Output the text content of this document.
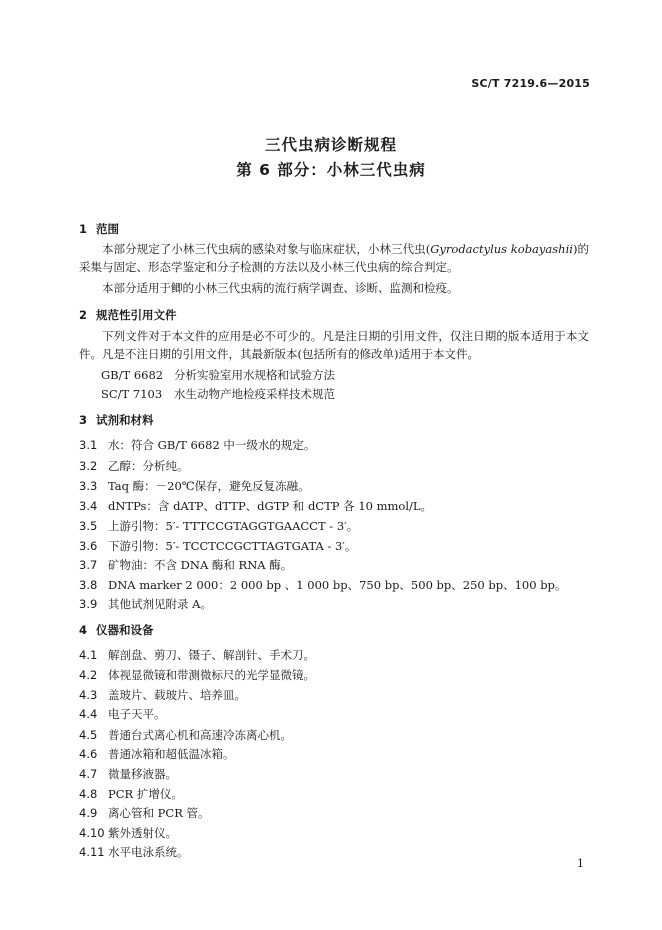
SC/T 7219.6—2015
三代虫病诊断规程
第 6 部分：小林三代虫病
1 范围
本部分规定了小林三代虫病的感染对象与临床症状，小林三代虫(Gyrodactylus kobayashii)的采集与固定、形态学鉴定和分子检测的方法以及小林三代虫病的综合判定。
本部分适用于鲫的小林三代虫病的流行病学调查、诊断、监测和检疫。
2 规范性引用文件
下列文件对于本文件的应用是必不可少的。凡是注日期的引用文件，仅注日期的版本适用于本文件。凡是不注日期的引用文件，其最新版本(包括所有的修改单)适用于本文件。
GB/T 6682 分析实验室用水规格和试验方法
SC/T 7103 水生动物产地检疫采样技术规范
3 试剂和材料
3.1 水：符合 GB/T 6682 中一级水的规定。
3.2 乙醇：分析纯。
3.3 Taq 酶：－20℃保存，避免反复冻融。
3.4 dNTPs：含 dATP、dTTP、dGTP 和 dCTP 各 10 mmol/L。
3.5 上游引物：5′- TTTCCGTAGGTGAACCT - 3′。
3.6 下游引物：5′- TCCTCCGCTTAGTGATA - 3′。
3.7 矿物油：不含 DNA 酶和 RNA 酶。
3.8 DNA marker 2 000：2 000 bp 、1 000 bp、750 bp、500 bp、250 bp、100 bp。
3.9 其他试剂见附录 A。
4 仪器和设备
4.1 解剖盘、剪刀、镊子、解剖针、手术刀。
4.2 体视显微镜和带测微标尺的光学显微镜。
4.3 盖玻片、载玻片、培养皿。
4.4 电子天平。
4.5 普通台式离心机和高速冷冻离心机。
4.6 普通冰箱和超低温冰箱。
4.7 微量移液器。
4.8 PCR 扩增仪。
4.9 离心管和 PCR 管。
4.10 紫外透射仪。
4.11 水平电泳系统。
1
